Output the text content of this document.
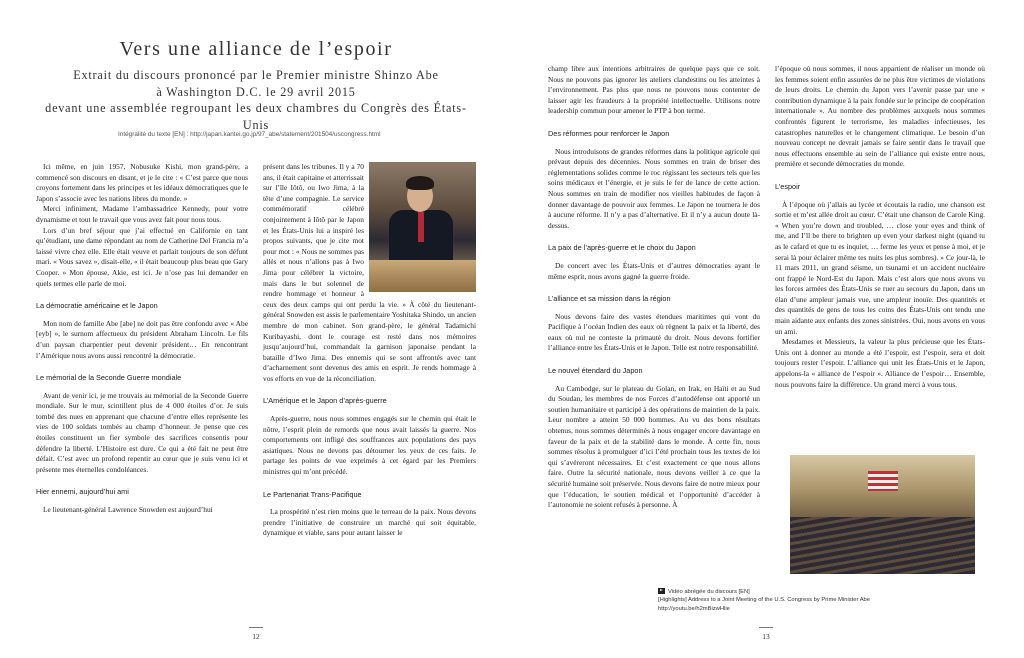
Vers une alliance de l’espoir
Extrait du discours prononcé par le Premier ministre Shinzo Abe
à Washington D.C. le 29 avril 2015
devant une assemblée regroupant les deux chambres du Congrès des États-Unis
Intégralité du texte [EN] : http://japan.kantei.go.jp/97_abe/statement/201504/uscongress.html

Ici même, en juin 1957, Nobusuke Kishi, mon grand-père, a commencé son discours en disant, et je le cite : « C’est parce que nous croyons fortement dans les principes et les idéaux démocratiques que le Japon s’associe avec les nations libres du monde. »

Merci infiniment, Madame l’ambassadrice Kennedy, pour votre dynamisme et tout le travail que vous avez fait pour nous tous.

Lors d’un bref séjour que j’ai effectué en Californie en tant qu’étudiant, une dame répondant au nom de Catherine Del Francia m’a laissé vivre chez elle. Elle était veuve et parlait toujours de son défunt mari. « Vous savez », disait-elle, « il était beaucoup plus beau que Gary Cooper. » Mon épouse, Akie, est ici. Je n’ose pas lui demander en quels termes elle parle de moi.

La démocratie américaine et le Japon

Mon nom de famille Abe [abe] ne doit pas être confondu avec « Abe [eyb] », le surnom affectueux du président Abraham Lincoln. Le fils d’un paysan charpentier peut devenir président… En rencontrant l’Amérique nous avons aussi rencontré la démocratie.

Le mémorial de la Seconde Guerre mondiale

Avant de venir ici, je me trouvais au mémorial de la Seconde Guerre mondiale. Sur le mur, scintillent plus de 4 000 étoiles d’or. Je suis tombé des nues en apprenant que chacune d’entre elles représente les vies de 100 soldats tombés au champ d’honneur. Je pense que ces étoiles constituent un fier symbole des sacrifices consentis pour défendre la liberté. L’Histoire est dure. Ce qui a été fait ne peut être défait. C’est avec un profond repentir au cœur que je suis venu ici et présente mes éternelles condoléances.

Hier ennemi, aujourd’hui ami

Le lieutenant-général Lawrence Snowden est aujourd’hui

présent dans les tribunes. Il y a 70 ans, il était capitaine et atterrissait sur l’île Iôtô, ou Iwo Jima, à la tête d’une compagnie. Le service commémoratif célébré conjointement à Iôtô par le Japon et les États-Unis lui a inspiré les propos suivants, que je cite mot pour mot : « Nous ne sommes pas allés et nous n’allons pas à Iwo Jima pour célébrer la victoire, mais dans le but solennel de rendre hommage et honneur à ceux des deux camps qui ont perdu la vie. » À côté du lieutenant-général Snowden est assis le parlementaire Yoshitaka Shindo, un ancien membre de mon cabinet. Son grand-père, le général Tadamichi Kuribayashi, dont le courage est resté dans nos mémoires jusqu’aujourd’hui, commandait la garnison japonaise pendant la bataille d’Iwo Jima. Des ennemis qui se sont affrontés avec tant d’acharnement sont devenus des amis en esprit. Je rends hommage à vos efforts en vue de la réconciliation.

L’Amérique et le Japon d’après-guerre

Après-guerre, nous nous sommes engagés sur le chemin qui était le nôtre, l’esprit plein de remords que nous avait laissés la guerre. Nos comportements ont infligé des souffrances aux populations des pays asiatiques. Nous ne devons pas détourner les yeux de ces faits. Je partage les points de vue exprimés à cet égard par les Premiers ministres qui m’ont précédé.

Le Partenariat Trans-Pacifique

La prospérité n’est rien moins que le terreau de la paix. Nous devons prendre l’initiative de construire un marché qui soit équitable, dynamique et viable, sans pour autant laisser le

12

champ libre aux intentions arbitraires de quelque pays que ce soit. Nous ne pouvons pas ignorer les ateliers clandestins ou les atteintes à l’environnement. Pas plus que nous ne pouvons nous contenter de laisser agir les fraudeurs à la propriété intellectuelle. Utilisons notre leadership commun pour amener le PTP à bon terme.

Des réformes pour renforcer le Japon

Nous introduisons de grandes réformes dans la politique agricole qui prévaut depuis des décennies. Nous sommes en train de briser des réglementations solides comme le roc régissant les secteurs tels que les soins médicaux et l’énergie, et je suis le fer de lance de cette action. Nous sommes en train de modifier nos vieilles habitudes de façon à donner davantage de pouvoir aux femmes. Le Japon ne tournera le dos à aucune réforme. Il n’y a pas d’alternative. Et il n’y a aucun doute là-dessus.

La paix de l’après-guerre et le choix du Japon

De concert avec les États-Unis et d’autres démocraties ayant le même esprit, nous avons gagné la guerre froide.

L’alliance et sa mission dans la région

Nous devons faire des vastes étendues maritimes qui vont du Pacifique à l’océan Indien des eaux où règnent la paix et la liberté, des eaux où nul ne conteste la primauté du droit. Nous devons fortifier l’alliance entre les États-Unis et le Japon. Telle est notre responsabilité.

Le nouvel étendard du Japon

Au Cambodge, sur le plateau du Golan, en Irak, en Haïti et au Sud du Soudan, les membres de nos Forces d’autodéfense ont apporté un soutien humanitaire et participé à des opérations de maintien de la paix. Leur nombre a atteint 50 000 hommes. Au vu des bons résultats obtenus, nous sommes déterminés à nous engager encore davantage en faveur de la paix et de la stabilité dans le monde. À cette fin, nous sommes résolus à promulguer d’ici l’été prochain tous les textes de loi qui s’avéreront nécessaires. Et c’est exactement ce que nous allons faire. Outre la sécurité nationale, nous devons veiller à ce que la sécurité humaine soit préservée. Nous devons faire de notre mieux pour que l’éducation, le soutien médical et l’opportunité d’accéder à l’autonomie ne soient refusés à personne. À

l’époque où nous sommes, il nous appartient de réaliser un monde où les femmes soient enfin assurées de ne plus être victimes de violations de leurs droits. Le chemin du Japon vers l’avenir passe par une « contribution dynamique à la paix fondée sur le principe de coopération internationale ». Au nombre des problèmes auxquels nous sommes confrontés figurent le terrorisme, les maladies infectieuses, les catastrophes naturelles et le changement climatique. Le besoin d’un nouveau concept ne devrait jamais se faire sentir dans le travail que nous effectuons ensemble au sein de l’alliance qui existe entre nous, première et seconde démocraties du monde.

L’espoir

À l’époque où j’allais au lycée et écoutais la radio, une chanson est sortie et m’est allée droit au cœur. C’était une chanson de Carole King. « When you’re down and troubled, … close your eyes and think of me, and I’ll be there to brighten up even your darkest night (quand tu as le cafard et que tu es inquiet, … ferme les yeux et pense à moi, et je serai là pour éclairer même tes nuits les plus sombres). » Ce jour-là, le 11 mars 2011, un grand séisme, un tsunami et un accident nucléaire ont frappé le Nord-Est du Japon. Mais c’est alors que nous avons vu les forces armées des États-Unis se ruer au secours du Japon, dans un élan d’une ampleur jamais vue, une ampleur inouïe. Des quantités et des quantités de gens de tous les coins des États-Unis ont tendu une main aidante aux enfants des zones sinistrées. Oui, nous avons en vous un ami.

Mesdames et Messieurs, la valeur la plus précieuse que les États-Unis ont à donner au monde a été l’espoir, est l’espoir, sera et doit toujours rester l’espoir. L’alliance qui unit les États-Unis et le Japon, appelons-la « alliance de l’espoir ». Alliance de l’espoir… Ensemble, nous pouvons faire la différence. Un grand merci à vous tous.

Vidéo abrégée du discours [EN]
[Highlights] Address to a Joint Meeting of the U.S. Congress by Prime Minister Abe
http://youtu.be/h2mBizwHlie
13
